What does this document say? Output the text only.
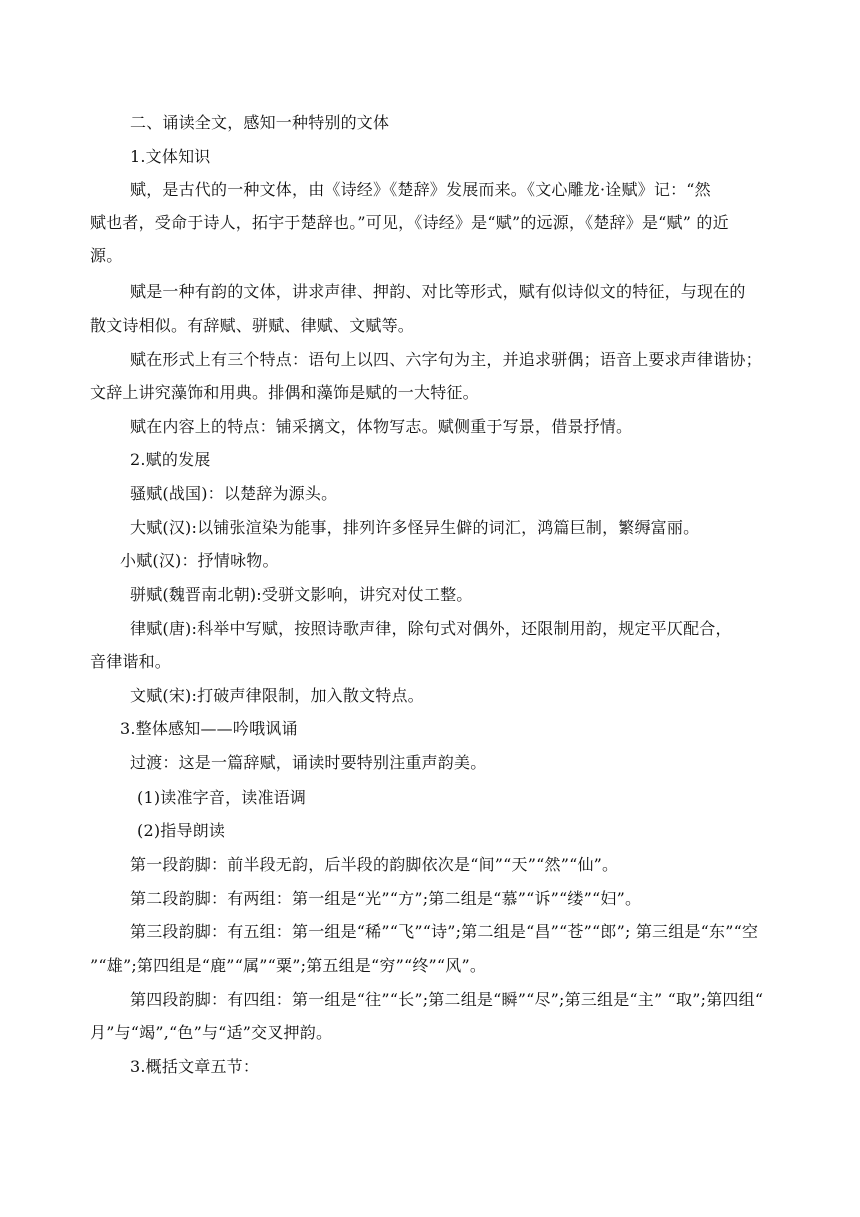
二、诵读全文，感知一种特别的文体
1.文体知识
赋，是古代的一种文体，由《诗经》《楚辞》发展而来。《文心雕龙·诠赋》记：“然
赋也者，受命于诗人，拓宇于楚辞也。”可见，《诗经》是“赋”的远源，《楚辞》是“赋” 的近
源。
赋是一种有韵的文体，讲求声律、押韵、对比等形式，赋有似诗似文的特征，与现在的
散文诗相似。有辞赋、骈赋、律赋、文赋等。
赋在形式上有三个特点：语句上以四、六字句为主，并追求骈偶；语音上要求声律谐协；
文辞上讲究藻饰和用典。排偶和藻饰是赋的一大特征。
赋在内容上的特点：铺采摛文，体物写志。赋侧重于写景，借景抒情。
2.赋的发展
骚赋(战国)：以楚辞为源头。
大赋(汉):以铺张渲染为能事，排列许多怪异生僻的词汇，鸿篇巨制，繁缛富丽。
小赋(汉)：抒情咏物。
骈赋(魏晋南北朝):受骈文影响，讲究对仗工整。
律赋(唐):科举中写赋，按照诗歌声律，除句式对偶外，还限制用韵，规定平仄配合，
音律谐和。
文赋(宋):打破声律限制，加入散文特点。
3.整体感知——吟哦讽诵
过渡：这是一篇辞赋，诵读时要特别注重声韵美。
(1)读准字音，读准语调
(2)指导朗读
第一段韵脚：前半段无韵，后半段的韵脚依次是“间”“天”“然”“仙”。
第二段韵脚：有两组：第一组是“光”“方”;第二组是“慕”“诉”“缕”“妇”。
第三段韵脚：有五组：第一组是“稀”“飞”“诗”;第二组是“昌”“苍”“郎”; 第三组是“东”“空
”“雄”;第四组是“鹿”“属”“粟”;第五组是“穷”“终”“风”。
第四段韵脚：有四组：第一组是“往”“长”;第二组是“瞬”“尽”;第三组是“主” “取”;第四组“
月”与“竭”,“色”与“适”交叉押韵。
3.概括文章五节：
